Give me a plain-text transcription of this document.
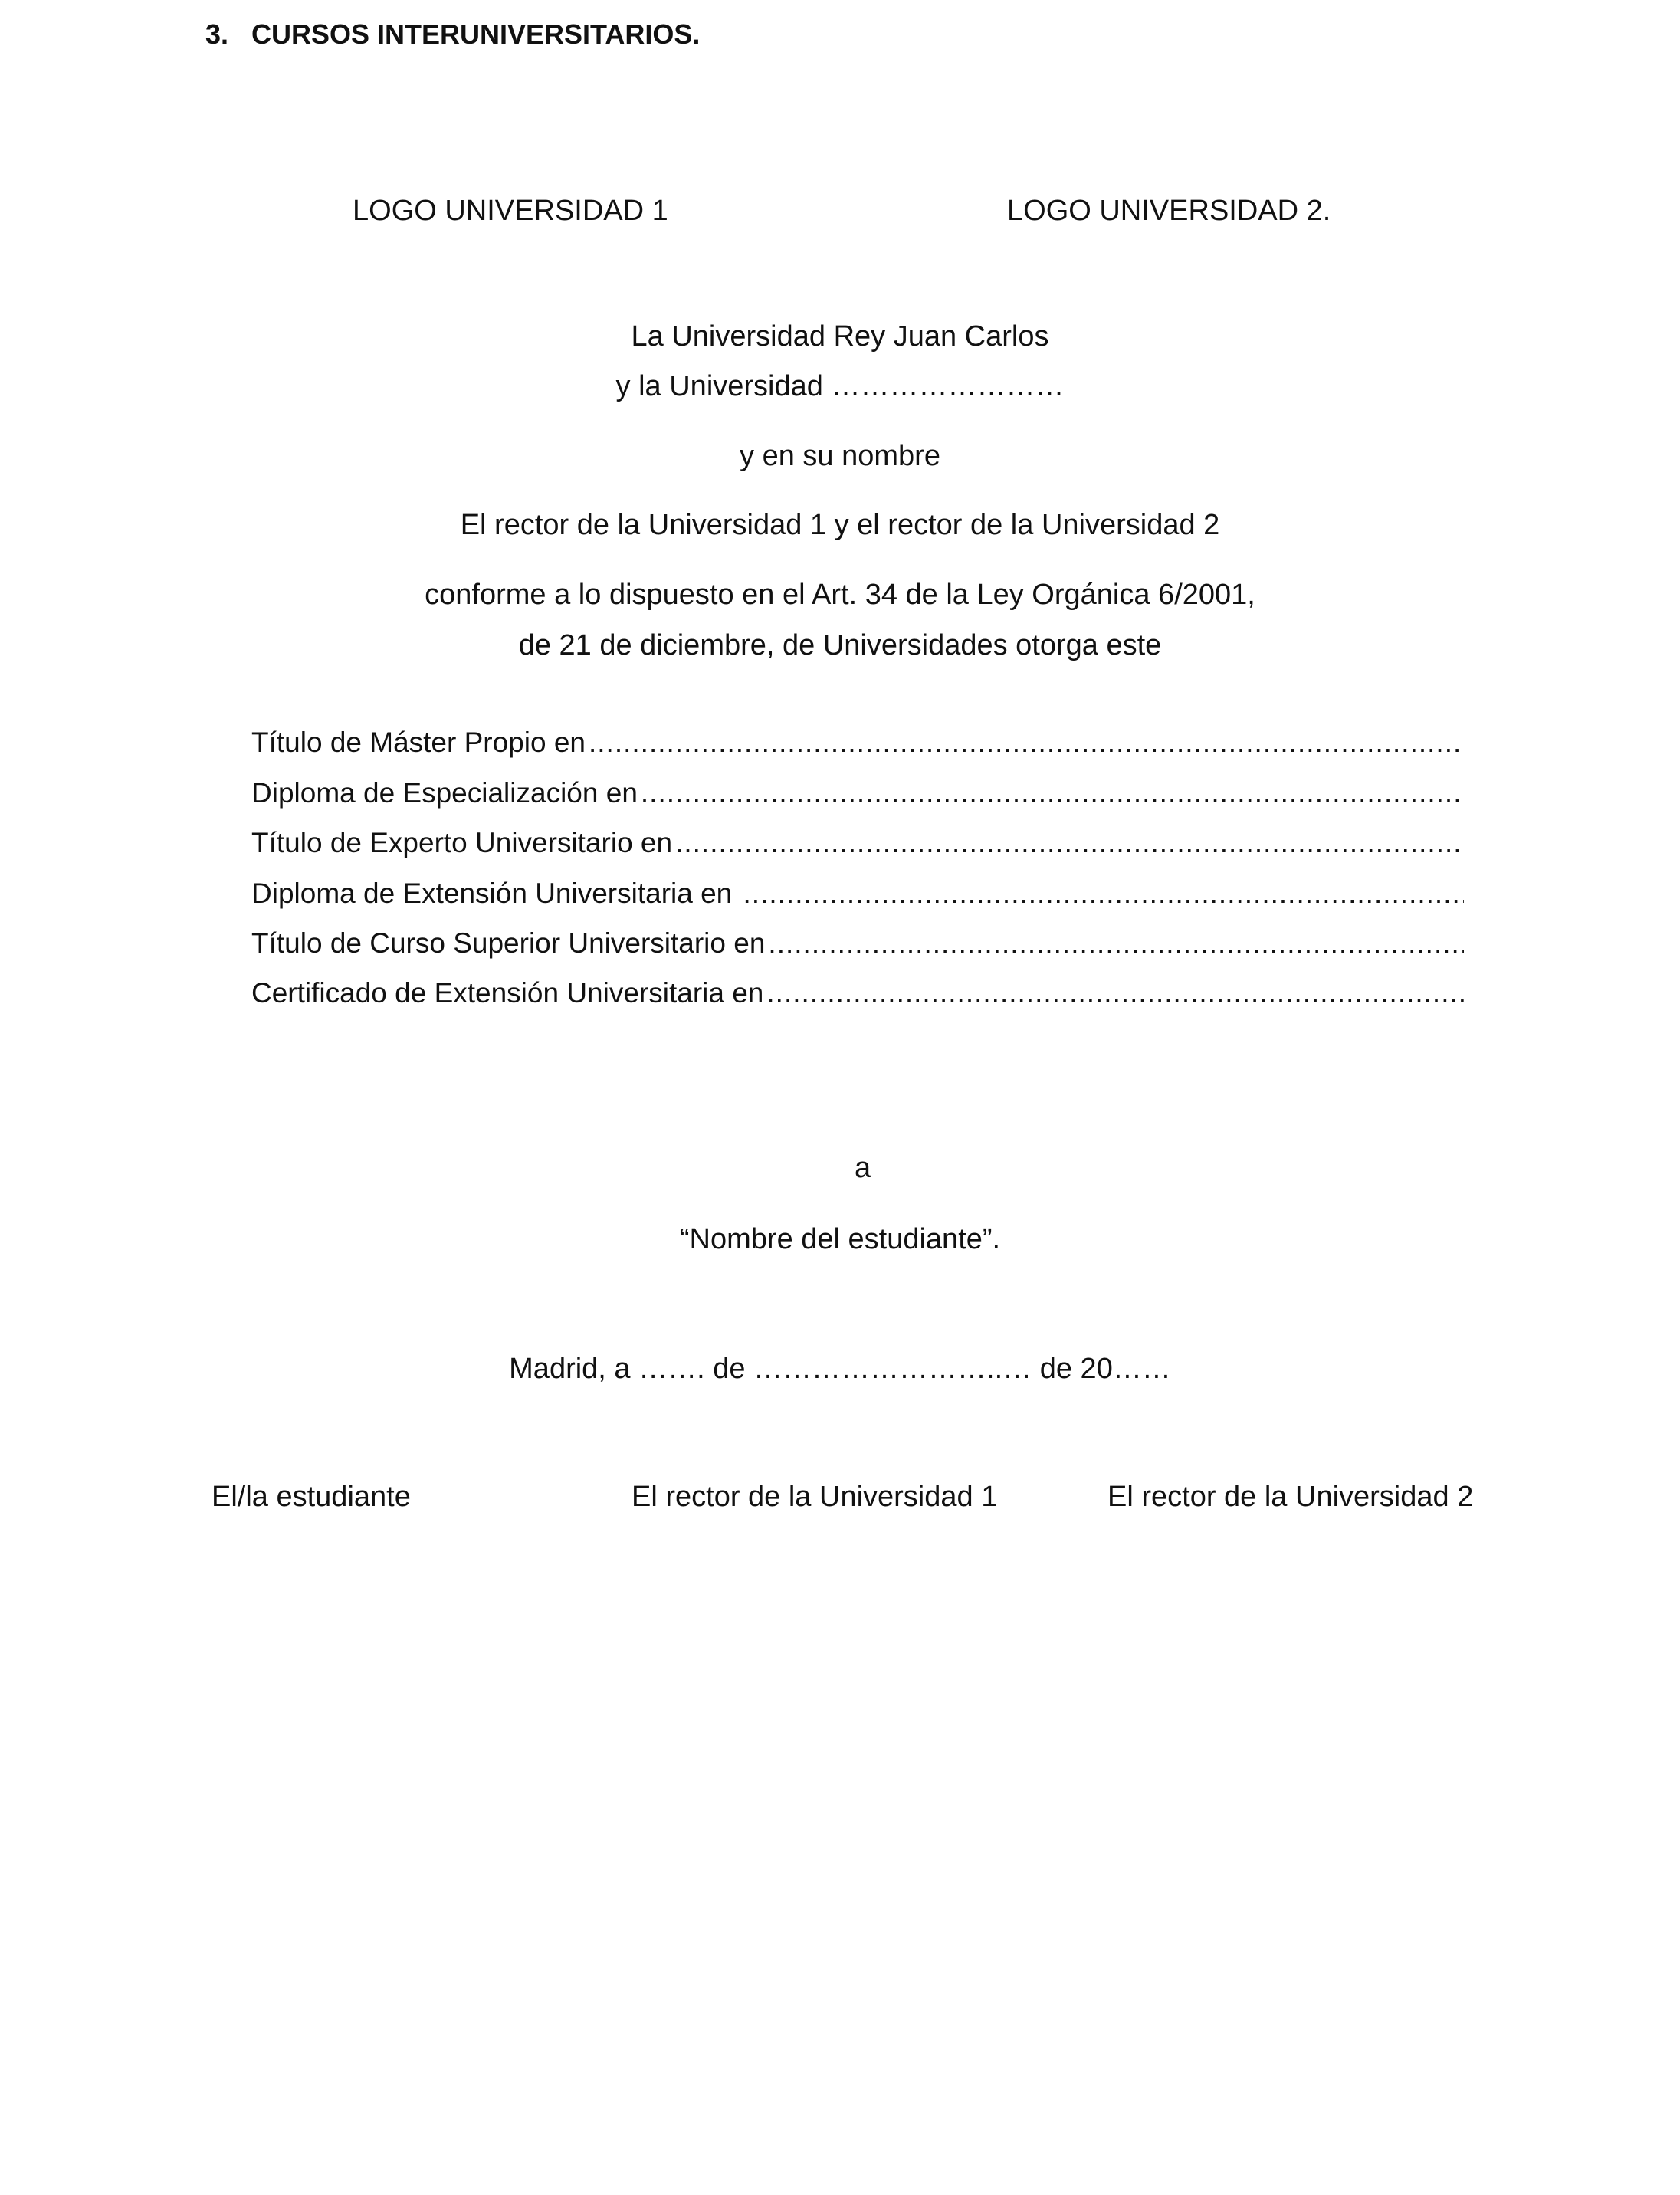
3. CURSOS INTERUNIVERSITARIOS.
LOGO UNIVERSIDAD 1	LOGO UNIVERSIDAD 2.
La Universidad Rey Juan Carlos
y la Universidad ……………………
y en su nombre
El rector de la Universidad 1 y el rector de la Universidad 2
conforme a lo dispuesto en el Art. 34 de la Ley Orgánica 6/2001,
de 21 de diciembre, de Universidades otorga este
Título de Máster Propio en
.....
Diploma de Especialización en
.....
Título de Experto Universitario en
.....
Diploma de Extensión Universitaria en
.....
Título de Curso Superior Universitario en
.....
Certificado de Extensión Universitaria en
.....
a
“Nombre del estudiante”.
Madrid, a ……. de ……………………..… de 20……
El/la estudiante	El rector de la Universidad 1	El rector de la Universidad 2
